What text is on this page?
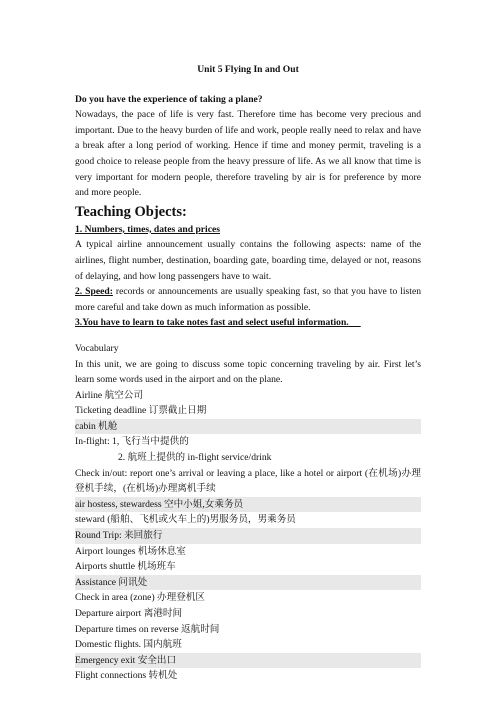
Unit 5 Flying In and Out

Do you have the experience of taking a plane?

Nowadays, the pace of life is very fast. Therefore time has become very precious and important. Due to the heavy burden of life and work, people really need to relax and have a break after a long period of working. Hence if time and money permit, traveling is a good choice to release people from the heavy pressure of life. As we all know that time is very important for modern people, therefore traveling by air is for preference by more and more people.

Teaching Objects:

1. Numbers, times, dates and prices

A typical airline announcement usually contains the following aspects: name of the airlines, flight number, destination, boarding gate, boarding time, delayed or not, reasons of delaying, and how long passengers have to wait.

2. Speed: records or announcements are usually speaking fast, so that you have to listen more careful and take down as much information as possible.

3.You have to learn to take notes fast and select useful information.

Vocabulary

In this unit, we are going to discuss some topic concerning traveling by air. First let’s learn some words used in the airport and on the plane.

Airline 航空公司

Ticketing deadline 订票截止日期

cabin 机舱

In-flight: 1, 飞行当中提供的

2. 航班上提供的 in-flight service/drink

Check in/out: report one’s arrival or leaving a place, like a hotel or airport (在机场)办理登机手续，(在机场)办理离机手续

air hostess, stewardess 空中小姐,女乘务员

steward (船舶、飞机或火车上的)男服务员，男乘务员

Round Trip: 来回旅行

Airport lounges 机场休息室

Airports shuttle 机场班车

Assistance 问讯处

Check in area (zone) 办理登机区

Departure airport 离港时间

Departure times on reverse 返航时间

Domestic flights. 国内航班

Emergency exit 安全出口

Flight connections 转机处
